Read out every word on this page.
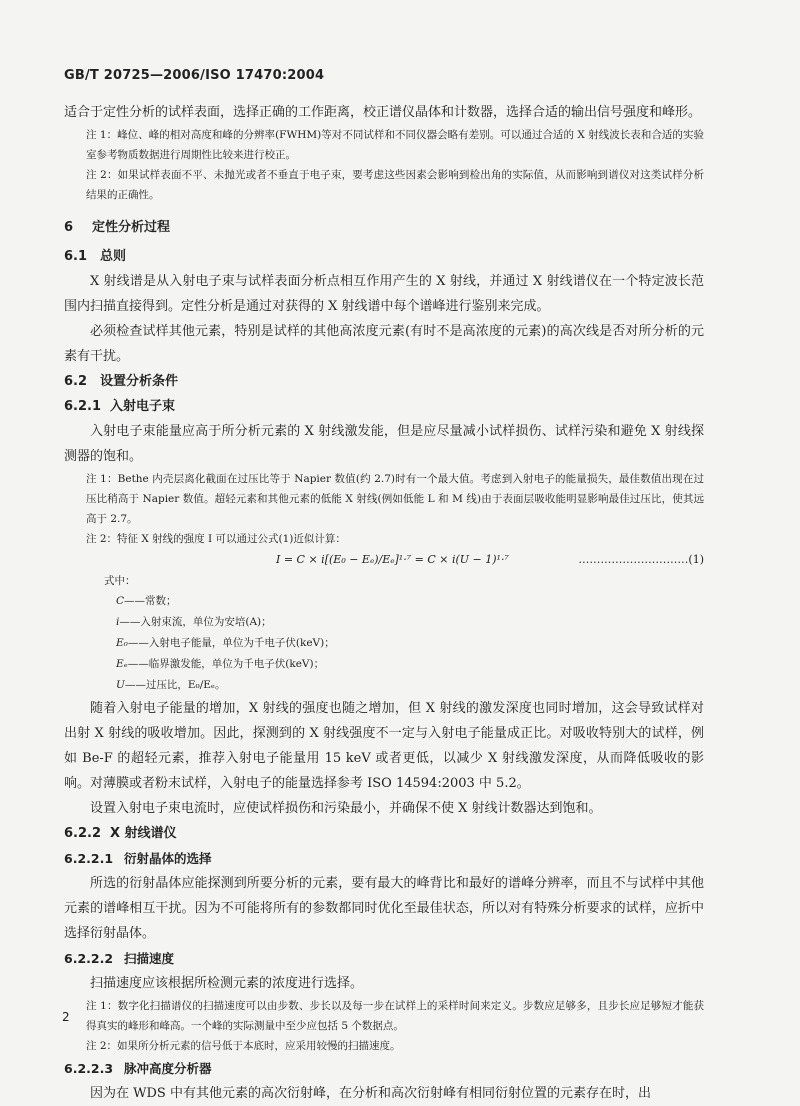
GB/T 20725—2006/ISO 17470:2004

适合于定性分析的试样表面，选择正确的工作距离，校正谱仪晶体和计数器，选择合适的输出信号强度和峰形。

注 1：峰位、峰的相对高度和峰的分辨率(FWHM)等对不同试样和不同仪器会略有差别。可以通过合适的 X 射线波长表和合适的实验室参考物质数据进行周期性比较来进行校正。

注 2：如果试样表面不平、未抛光或者不垂直于电子束，要考虑这些因素会影响到检出角的实际值，从而影响到谱仪对这类试样分析结果的正确性。

6 定性分析过程
6.1 总则

X 射线谱是从入射电子束与试样表面分析点相互作用产生的 X 射线，并通过 X 射线谱仪在一个特定波长范围内扫描直接得到。定性分析是通过对获得的 X 射线谱中每个谱峰进行鉴别来完成。

必须检查试样其他元素，特别是试样的其他高浓度元素(有时不是高浓度的元素)的高次线是否对所分析的元素有干扰。

6.2 设置分析条件
6.2.1 入射电子束

入射电子束能量应高于所分析元素的 X 射线激发能，但是应尽量减小试样损伤、试样污染和避免 X 射线探测器的饱和。

注 1：Bethe 内壳层离化截面在过压比等于 Napier 数值(约 2.7)时有一个最大值。考虑到入射电子的能量损失，最佳数值出现在过压比稍高于 Napier 数值。超轻元素和其他元素的低能 X 射线(例如低能 L 和 M 线)由于表面层吸收能明显影响最佳过压比，使其远高于 2.7。

注 2：特征 X 射线的强度 I 可以通过公式(1)近似计算：

I = C × i[(E₀ − Eₑ)/Eₑ]¹·⁷ = C × i(U − 1)¹·⁷	…………………………(1)

式中：

C——常数；
i——入射束流，单位为安培(A)；
E₀——入射电子能量，单位为千电子伏(keV)；
Eₑ——临界激发能，单位为千电子伏(keV)；
U——过压比，E₀/Eₑ。

随着入射电子能量的增加，X 射线的强度也随之增加，但 X 射线的激发深度也同时增加，这会导致试样对出射 X 射线的吸收增加。因此，探测到的 X 射线强度不一定与入射电子能量成正比。对吸收特别大的试样，例如 Be-F 的超轻元素，推荐入射电子能量用 15 keV 或者更低，以减少 X 射线激发深度，从而降低吸收的影响。对薄膜或者粉末试样，入射电子的能量选择参考 ISO 14594:2003 中 5.2。

设置入射电子束电流时，应使试样损伤和污染最小，并确保不使 X 射线计数器达到饱和。

6.2.2 X 射线谱仪
6.2.2.1 衍射晶体的选择

所选的衍射晶体应能探测到所要分析的元素，要有最大的峰背比和最好的谱峰分辨率，而且不与试样中其他元素的谱峰相互干扰。因为不可能将所有的参数都同时优化至最佳状态，所以对有特殊分析要求的试样，应折中选择衍射晶体。

6.2.2.2 扫描速度

扫描速度应该根据所检测元素的浓度进行选择。

注 1：数字化扫描谱仪的扫描速度可以由步数、步长以及每一步在试样上的采样时间来定义。步数应足够多，且步长应足够短才能获得真实的峰形和峰高。一个峰的实际测量中至少应包括 5 个数据点。

注 2：如果所分析元素的信号低于本底时，应采用较慢的扫描速度。

6.2.2.3 脉冲高度分析器

因为在 WDS 中有其他元素的高次衍射峰，在分析和高次衍射峰有相同衍射位置的元素存在时，出

2
